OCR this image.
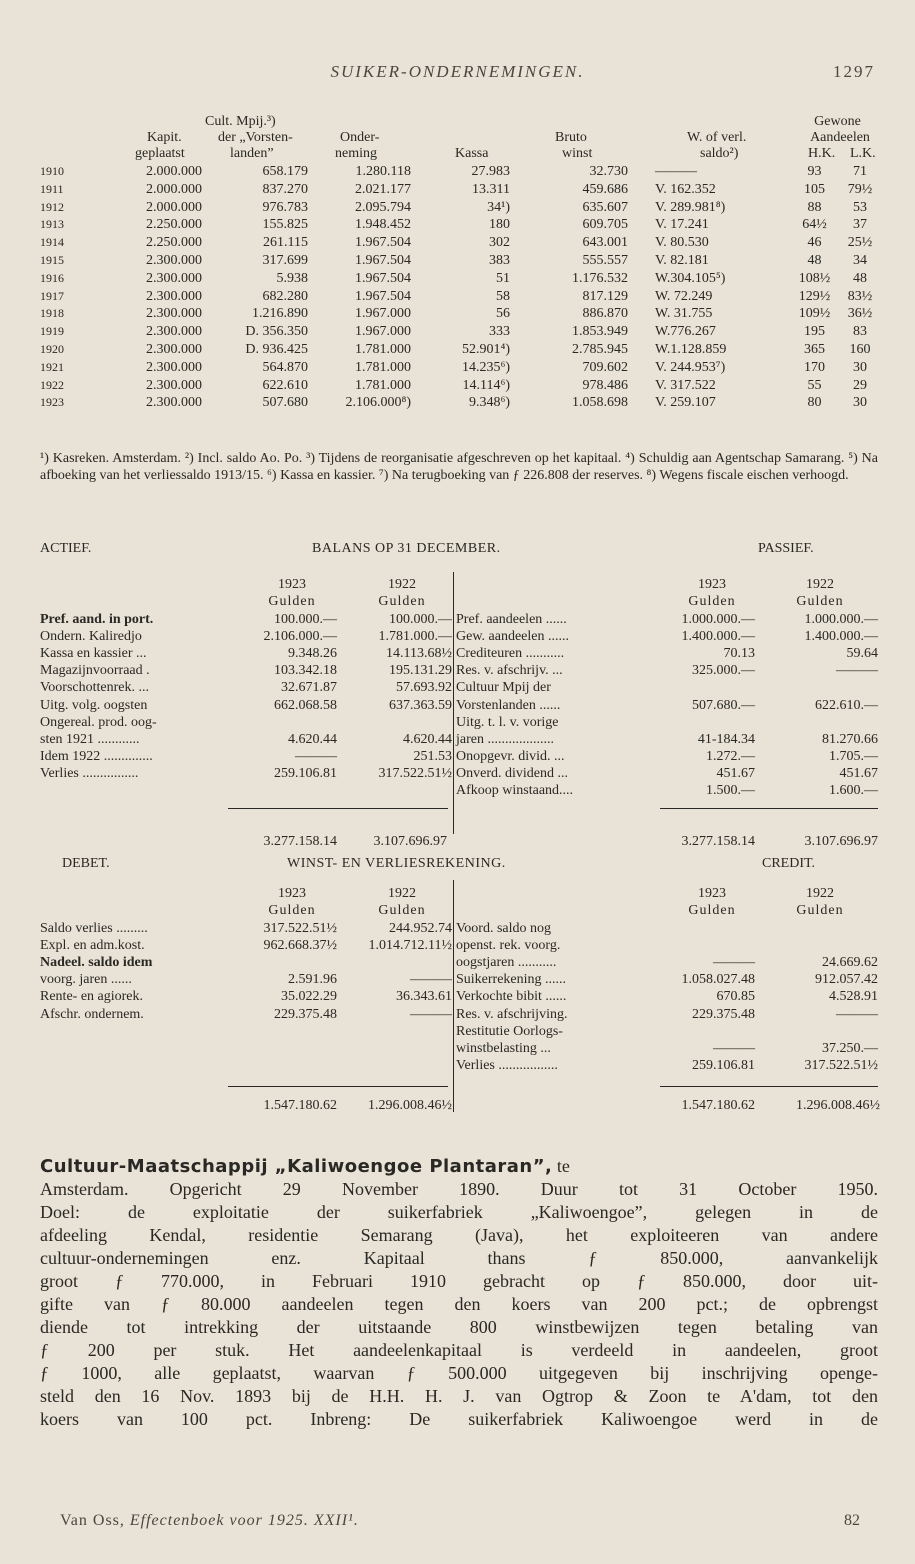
SUIKER-ONDERNEMINGEN.	1297
Cult. Mpij.³)	Gewone
Kapit.	der „Vorsten-	Onder-	Bruto	W. of verl.	Aandeelen
geplaatst	landen”	neming	Kassa	winst	saldo²)	H.K. L.K.
1910	2.000.000	658.179	1.280.118	27.983	32.730 ———	93	71
1911	2.000.000	837.270	2.021.177	13.311	459.686 V. 162.352	105	79½
1912	2.000.000	976.783	2.095.794	34¹)	635.607 V. 289.981⁸)	88	53
1913	2.250.000	155.825	1.948.452	180	609.705 V. 17.241	64½	37
1914	2.250.000	261.115	1.967.504	302	643.001 V. 80.530	46	25½
1915	2.300.000	317.699	1.967.504	383	555.557 V. 82.181	48	34
1916	2.300.000	5.938	1.967.504	51	1.176.532 W.304.105⁵)	108½	48
1917	2.300.000	682.280	1.967.504	58	817.129 W. 72.249	129½	83½
1918	2.300.000	1.216.890	1.967.000	56	886.870 W. 31.755	109½	36½
1919	2.300.000	D. 356.350	1.967.000	333	1.853.949 W.776.267	195	83
1920	2.300.000	D. 936.425	1.781.000	52.901⁴)	2.785.945 W.1.128.859	365	160
1921	2.300.000	564.870	1.781.000	14.235⁶)	709.602 V. 244.953⁷)	170	30
1922	2.300.000	622.610	1.781.000	14.114⁶)	978.486 V. 317.522	55	29
1923	2.300.000	507.680	2.106.000⁸)	9.348⁶)	1.058.698 V. 259.107	80	30
¹) Kasreken. Amsterdam. ²) Incl. saldo Ao. Po. ³) Tijdens de reorganisatie afgeschreven op het kapitaal. ⁴) Schuldig aan Agentschap Samarang. ⁵) Na afboeking van het verliessaldo 1913/15. ⁶) Kassa en kassier. ⁷) Na terugboeking van ƒ 226.808 der reserves. ⁸) Wegens fiscale eischen verhoogd.
ACTIEF.	BALANS OP 31 DECEMBER.	PASSIEF.
1923	1922	1923	1922
Gulden	Gulden	Gulden	Gulden
Pref. aand. in port.	100.000.—	100.000.—
Ondern. Kaliredjo	2.106.000.—	1.781.000.—
Kassa en kassier ...	9.348.26	14.113.68½
Magazijnvoorraad .	103.342.18	195.131.29
Voorschottenrek. ...	32.671.87	57.693.92
Uitg. volg. oogsten	662.068.58	637.363.59
Ongereal. prod. oog-
sten 1921 ............	4.620.44	4.620.44
Idem 1922 ..............	———	251.53
Verlies ................	259.106.81	317.522.51½
Pref. aandeelen ......	1.000.000.—	1.000.000.—
Gew. aandeelen ......	1.400.000.—	1.400.000.—
Crediteuren ...........	70.13	59.64
Res. v. afschrijv. ...	325.000.—	———
Cultuur Mpij der
Vorstenlanden ......	507.680.—	622.610.—
Uitg. t. l. v. vorige
jaren ...................	41-184.34	81.270.66
Onopgevr. divid. ...	1.272.—	1.705.—
Onverd. dividend ...	451.67	451.67
Afkoop winstaand....	1.500.—	1.600.—
3.277.158.14	3.107.696.97	3.277.158.14	3.107.696.97
DEBET.	WINST- EN VERLIESREKENING.	CREDIT.
1923	1922	1923	1922
Gulden	Gulden	Gulden	Gulden
Saldo verlies .........	317.522.51½	244.952.74
Expl. en adm.kost.	962.668.37½	1.014.712.11½
Nadeel. saldo idem
voorg. jaren ......	2.591.96	———
Rente- en agiorek.	35.022.29	36.343.61
Afschr. ondernem.	229.375.48	———
Voord. saldo nog
openst. rek. voorg.
oogstjaren ...........	———	24.669.62
Suikerrekening ......	1.058.027.48	912.057.42
Verkochte bibit ......	670.85	4.528.91
Res. v. afschrijving.	229.375.48	———
Restitutie Oorlogs-
winstbelasting ...	———	37.250.—
Verlies .................	259.106.81	317.522.51½
1.547.180.62	1.296.008.46½	1.547.180.62	1.296.008.46½
Cultuur-Maatschappij „Kaliwoengoe Plantaran”, te
Amsterdam. Opgericht 29 November 1890. Duur tot 31 October 1950.
Doel: de exploitatie der suikerfabriek „Kaliwoengoe”, gelegen in de
afdeeling Kendal, residentie Semarang (Java), het exploiteeren van andere
cultuur-ondernemingen enz. Kapitaal thans ƒ 850.000, aanvankelijk
groot ƒ 770.000, in Februari 1910 gebracht op ƒ 850.000, door uit-
gifte van ƒ 80.000 aandeelen tegen den koers van 200 pct.; de opbrengst
diende tot intrekking der uitstaande 800 winstbewijzen tegen betaling van
ƒ 200 per stuk. Het aandeelenkapitaal is verdeeld in aandeelen, groot
ƒ 1000, alle geplaatst, waarvan ƒ 500.000 uitgegeven bij inschrijving openge-
steld den 16 Nov. 1893 bij de H.H. H. J. van Ogtrop & Zoon te A'dam, tot den
koers van 100 pct. Inbreng: De suikerfabriek Kaliwoengoe werd in de
Van Oss, Effectenboek voor 1925. XXII¹.	82
